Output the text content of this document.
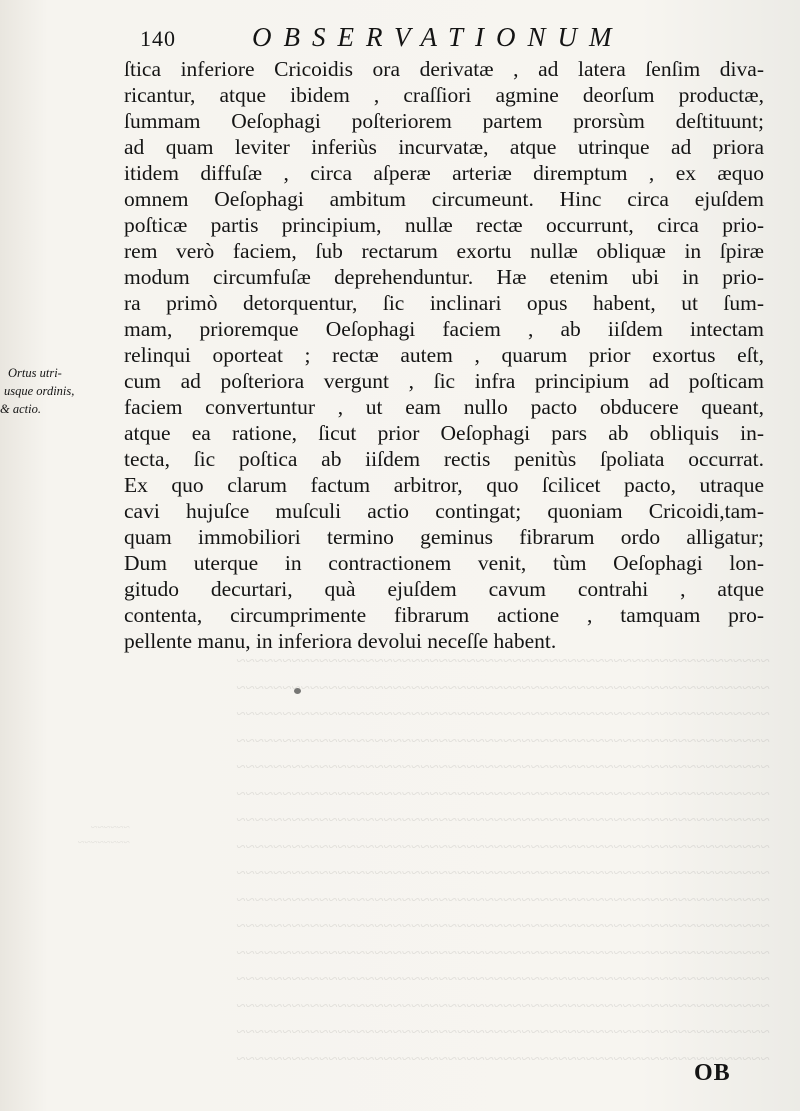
140	OBSERVATIONUM
Ortus utri-
usque ordinis,
& actio.
ſtica inferiore Cricoidis ora derivatæ , ad latera ſenſim diva-
ricantur, atque ibidem , craſſiori agmine deorſum productæ,
ſummam Oeſophagi poſteriorem partem prorsùm deſtituunt;
ad quam leviter inferiùs incurvatæ, atque utrinque ad priora
itidem diffuſæ , circa aſperæ arteriæ diremptum , ex æquo
omnem Oeſophagi ambitum circumeunt. Hinc circa ejuſdem
poſticæ partis principium, nullæ rectæ occurrunt, circa prio-
rem verò faciem, ſub rectarum exortu nullæ obliquæ in ſpiræ
modum circumfuſæ deprehenduntur. Hæ etenim ubi in prio-
ra primò detorquentur, ſic inclinari opus habent, ut ſum-
mam, prioremque Oeſophagi faciem , ab iiſdem intectam
relinqui oporteat ; rectæ autem , quarum prior exortus eſt,
cum ad poſteriora vergunt , ſic infra principium ad poſticam
faciem convertuntur , ut eam nullo pacto obducere queant,
atque ea ratione, ſicut prior Oeſophagi pars ab obliquis in-
tecta, ſic poſtica ab iiſdem rectis penitùs ſpoliata occurrat.
Ex quo clarum factum arbitror, quo ſcilicet pacto, utraque
cavi hujuſce muſculi actio contingat; quoniam Cricoidi,tam-
quam immobiliori termino geminus fibrarum ordo alligatur;
Dum uterque in contractionem venit, tùm Oeſophagi lon-
gitudo decurtari, quà ejuſdem cavum contrahi , atque
contenta, circumprimente fibrarum actione , tamquam pro-
pellente manu, in inferiora devolui neceſſe habent.
~~~~~~~~~~~~~~~~~~~~~~~~~~~~~~~~~~~~~~~~~~~~~~~~~~~~~~~~~~
~~~~~~~~~~~~~~~~~~~~~~~~~~~~~~~~~~~~~~~~~~~~~~~~~~~~~~~~~~
~~~~~~~~~~~~~~~~~~~~~~~~~~~~~~~~~~~~~~~~~~~~~~~~~~~~~~~~~~
~~~~~~~~~~~~~~~~~~~~~~~~~~~~~~~~~~~~~~~~~~~~~~~~~~~~~~~~~~
~~~~~~~~~~~~~~~~~~~~~~~~~~~~~~~~~~~~~~~~~~~~~~~~~~~~~~~~~~
~~~~~~~~~~~~~~~~~~~~~~~~~~~~~~~~~~~~~~~~~~~~~~~~~~~~~~~~~~
~~~~~~~~~~~~~~~~~~~~~~~~~~~~~~~~~~~~~~~~~~~~~~~~~~~~~~~~~~
~~~~~~~~~~~~~~~~~~~~~~~~~~~~~~~~~~~~~~~~~~~~~~~~~~~~~~~~~~
~~~~~~~~~~~~~~~~~~~~~~~~~~~~~~~~~~~~~~~~~~~~~~~~~~~~~~~~~~
~~~~~~~~~~~~~~~~~~~~~~~~~~~~~~~~~~~~~~~~~~~~~~~~~~~~~~~~~~
~~~~~~~~~~~~~~~~~~~~~~~~~~~~~~~~~~~~~~~~~~~~~~~~~~~~~~~~~~
~~~~~~~~~~~~~~~~~~~~~~~~~~~~~~~~~~~~~~~~~~~~~~~~~~~~~~~~~~
~~~~~~~~~~~~~~~~~~~~~~~~~~~~~~~~~~~~~~~~~~~~~~~~~~~~~~~~~~
~~~~~~~~~~~~~~~~~~~~~~~~~~~~~~~~~~~~~~~~~~~~~~~~~~~~~~~~~~
~~~~~~~~~~~~~~~~~~~~~~~~~~~~~~~~~~~~~~~~~~~~~~~~~~~~~~~~~~
~~~~~~~~~~~~~~~~~~~~~~~~~~~~~~~~~~~~~~~~~~~~~~~~~~~~~~~~~~
~~~~~~
~~~~~~~~
OB
